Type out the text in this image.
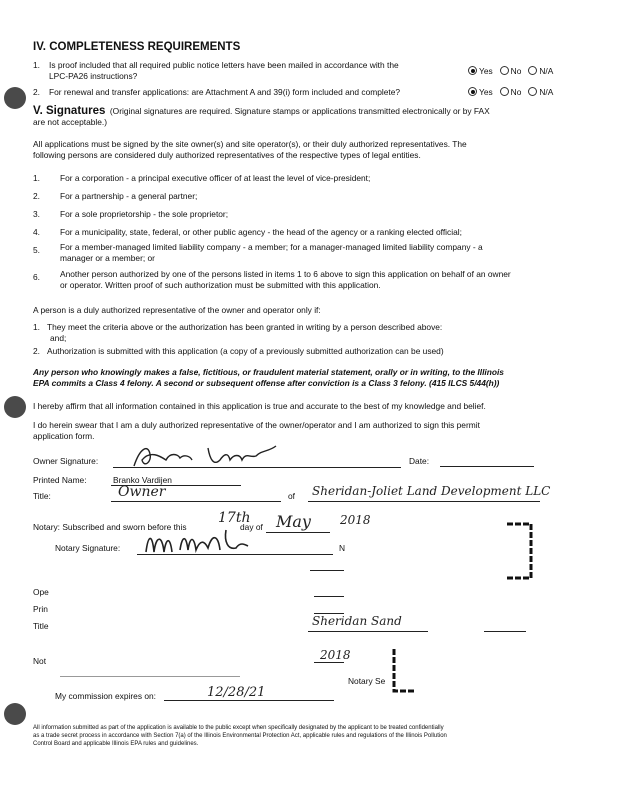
IV. COMPLETENESS REQUIREMENTS
1. Is proof included that all required public notice letters have been mailed in accordance with the
LPC-PA26 instructions?	Yes No N/A
2. For renewal and transfer applications: are Attachment A and 39(i) form included and complete?	Yes No N/A
V. Signatures (Original signatures are required. Signature stamps or applications transmitted electronically or by FAX
are not acceptable.)
All applications must be signed by the site owner(s) and site operator(s), or their duly authorized representatives. The
following persons are considered duly authorized representatives of the respective types of legal entities.
1. For a corporation - a principal executive officer of at least the level of vice-president;
2. For a partnership - a general partner;
3. For a sole proprietorship - the sole proprietor;
4. For a municipality, state, federal, or other public agency - the head of the agency or a ranking elected official;
5. For a member-managed limited liability company - a member; for a manager-managed limited liability company - a
manager or a member; or
6. Another person authorized by one of the persons listed in items 1 to 6 above to sign this application on behalf of an owner
or operator. Written proof of such authorization must be submitted with this application.
A person is a duly authorized representative of the owner and operator only if:
1. They meet the criteria above or the authorization has been granted in writing by a person described above:
and;
2. Authorization is submitted with this application (a copy of a previously submitted authorization can be used)
Any person who knowingly makes a false, fictitious, or fraudulent material statement, orally or in writing, to the Illinois
EPA commits a Class 4 felony. A second or subsequent offense after conviction is a Class 3 felony. (415 ILCS 5/44(h))
I hereby affirm that all information contained in this application is true and accurate to the best of my knowledge and belief.
I do herein swear that I am a duly authorized representative of the owner/operator and I am authorized to sign this permit
application form.
Owner Signature:	Date:
Printed Name:	Branko Vardijen
Title:	Owner	of Sheridan-Joliet Land Development LLC
Notary: Subscribed and sworn before this
17th
day of May 2018
Notary Signature:	N
Ope
Prin
Title	Sheridan Sand
Not	2018
Notary Se
My commission expires on:	12/28/21
All information submitted as part of the application is available to the public except when specifically designated by the applicant to be treated confidentially
as a trade secret process in accordance with Section 7(a) of the Illinois Environmental Protection Act, applicable rules and regulations of the Illinois Pollution
Control Board and applicable Illinois EPA rules and guidelines.
